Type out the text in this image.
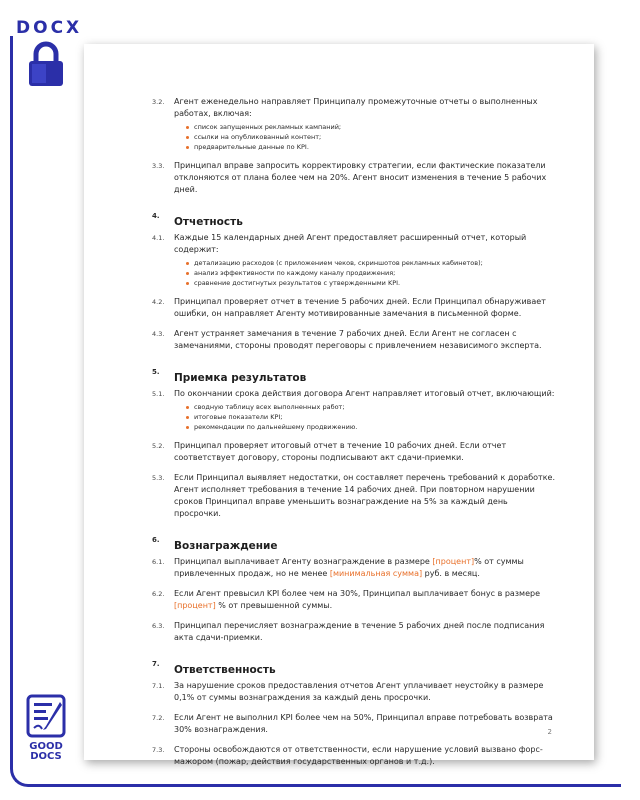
DOCX
GOOD
DOCS
3.2. Агент еженедельно направляет Принципалу промежуточные отчеты о выполненных работах, включая:
список запущенных рекламных кампаний;
ссылки на опубликованный контент;
предварительные данные по KPI.
3.3. Принципал вправе запросить корректировку стратегии, если фактические показатели отклоняются от плана более чем на 20%. Агент вносит изменения в течение 5 рабочих дней.
4. Отчетность
4.1. Каждые 15 календарных дней Агент предоставляет расширенный отчет, который содержит:
детализацию расходов (с приложением чеков, скриншотов рекламных кабинетов);
анализ эффективности по каждому каналу продвижения;
сравнение достигнутых результатов с утвержденными KPI.
4.2. Принципал проверяет отчет в течение 5 рабочих дней. Если Принципал обнаруживает ошибки, он направляет Агенту мотивированные замечания в письменной форме.
4.3. Агент устраняет замечания в течение 7 рабочих дней. Если Агент не согласен с замечаниями, стороны проводят переговоры с привлечением независимого эксперта.
5. Приемка результатов
5.1. По окончании срока действия договора Агент направляет итоговый отчет, включающий:
сводную таблицу всех выполненных работ;
итоговые показатели KPI;
рекомендации по дальнейшему продвижению.
5.2. Принципал проверяет итоговый отчет в течение 10 рабочих дней. Если отчет соответствует договору, стороны подписывают акт сдачи-приемки.
5.3. Если Принципал выявляет недостатки, он составляет перечень требований к доработке. Агент исполняет требования в течение 14 рабочих дней. При повторном нарушении сроков Принципал вправе уменьшить вознаграждение на 5% за каждый день просрочки.
6. Вознаграждение
6.1. Принципал выплачивает Агенту вознаграждение в размере [процент]% от суммы привлеченных продаж, но не менее [минимальная сумма] руб. в месяц.
6.2. Если Агент превысил KPI более чем на 30%, Принципал выплачивает бонус в размере [процент] % от превышенной суммы.
6.3. Принципал перечисляет вознаграждение в течение 5 рабочих дней после подписания акта сдачи-приемки.
7. Ответственность
7.1. За нарушение сроков предоставления отчетов Агент уплачивает неустойку в размере 0,1% от суммы вознаграждения за каждый день просрочки.
7.2. Если Агент не выполнил KPI более чем на 50%, Принципал вправе потребовать возврата 30% вознаграждения.
7.3. Стороны освобождаются от ответственности, если нарушение условий вызвано форс-мажором (пожар, действия государственных органов и т.д.).
2
